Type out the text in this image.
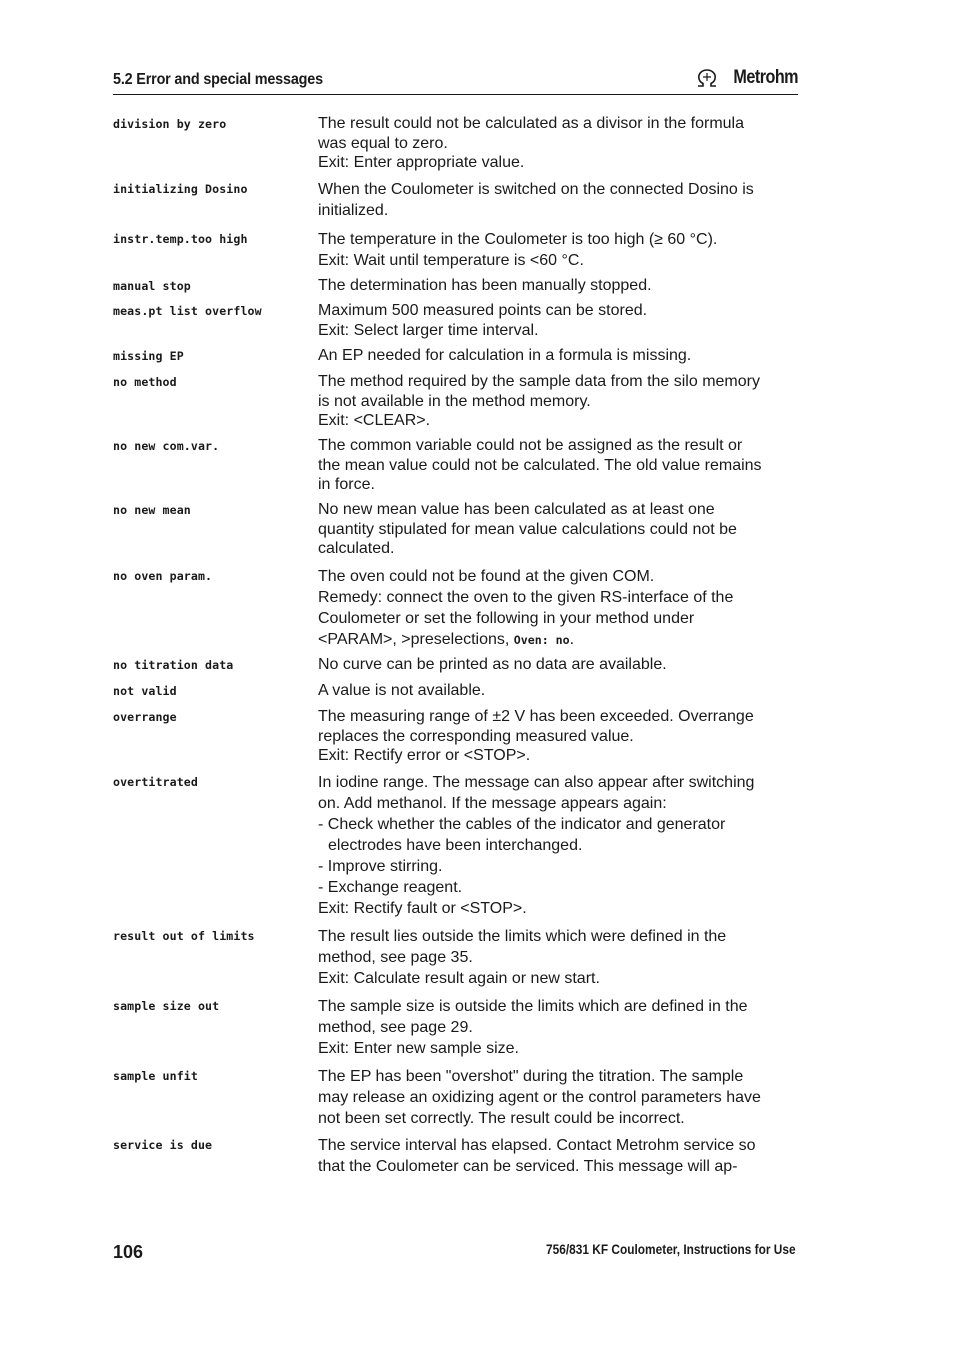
5.2 Error and special messages	Metrohm
division by zero	The result could not be calculated as a divisor in the formula
was equal to zero.
Exit: Enter appropriate value.
initializing Dosino	When the Coulometer is switched on the connected Dosino is
initialized.
instr.temp.too high	The temperature in the Coulometer is too high (≥ 60 °C).
Exit: Wait until temperature is <60 °C.
manual stop	The determination has been manually stopped.
meas.pt list overflow	Maximum 500 measured points can be stored.
Exit: Select larger time interval.
missing EP	An EP needed for calculation in a formula is missing.
no method	The method required by the sample data from the silo memory
is not available in the method memory.
Exit: <CLEAR>.
no new com.var.	The common variable could not be assigned as the result or
the mean value could not be calculated. The old value remains
in force.
no new mean	No new mean value has been calculated as at least one
quantity stipulated for mean value calculations could not be
calculated.
no oven param.	The oven could not be found at the given COM.
Remedy: connect the oven to the given RS-interface of the
Coulometer or set the following in your method under
<PARAM>, >preselections, Oven: no.
no titration data	No curve can be printed as no data are available.
not valid	A value is not available.
overrange	The measuring range of ±2 V has been exceeded. Overrange
replaces the corresponding measured value.
Exit: Rectify error or <STOP>.
overtitrated	In iodine range. The message can also appear after switching
on. Add methanol. If the message appears again:
- Check whether the cables of the indicator and generator
electrodes have been interchanged.
- Improve stirring.
- Exchange reagent.
Exit: Rectify fault or <STOP>.
result out of limits	The result lies outside the limits which were defined in the
method, see page 35.
Exit: Calculate result again or new start.
sample size out	The sample size is outside the limits which are defined in the
method, see page 29.
Exit: Enter new sample size.
sample unfit	The EP has been "overshot" during the titration. The sample
may release an oxidizing agent or the control parameters have
not been set correctly. The result could be incorrect.
service is due	The service interval has elapsed. Contact Metrohm service so
that the Coulometer can be serviced. This message will ap-
106	756/831 KF Coulometer, Instructions for Use
